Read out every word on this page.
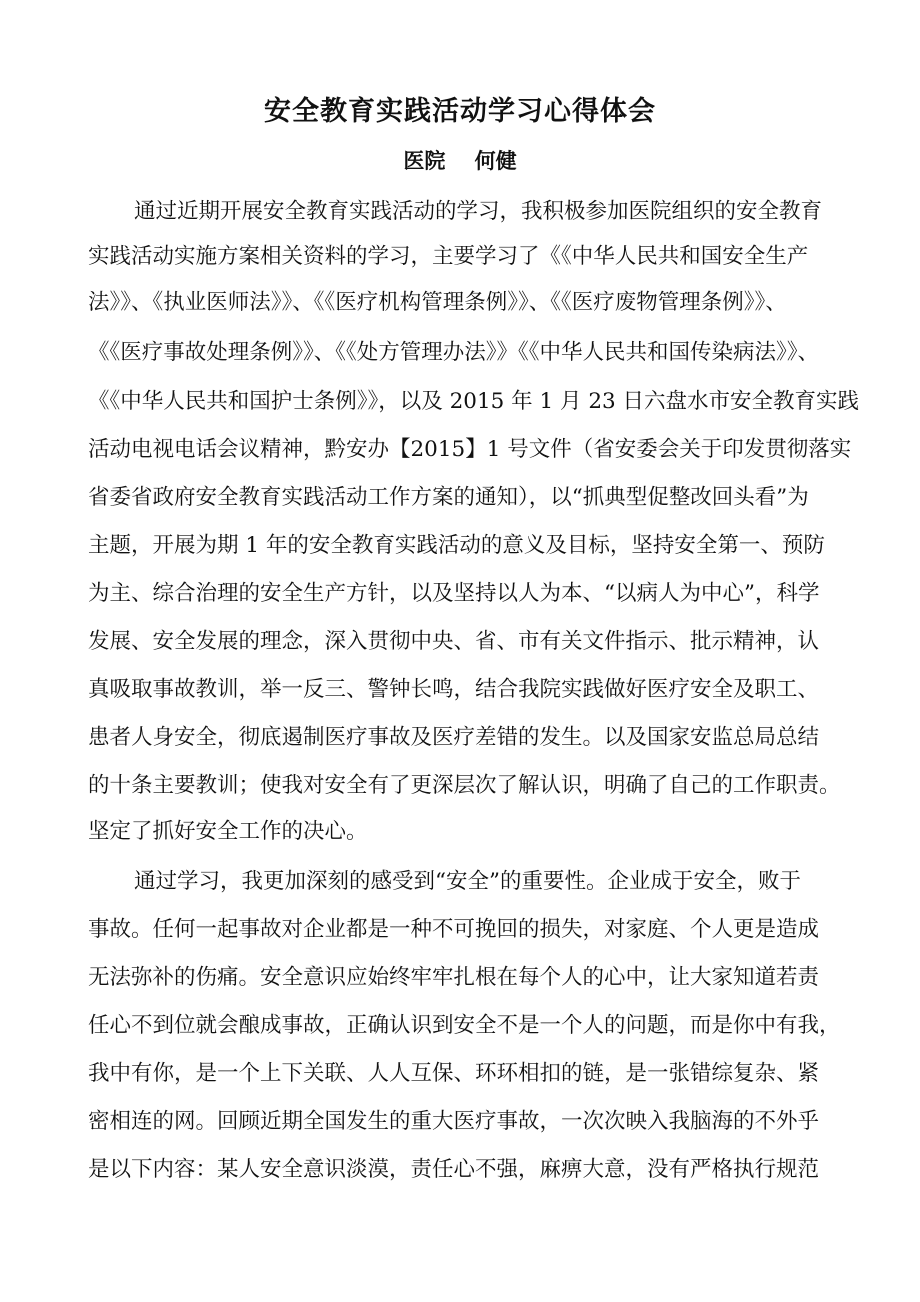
安全教育实践活动学习心得体会
医院    何健
通过近期开展安全教育实践活动的学习，我积极参加医院组织的安全教育
实践活动实施方案相关资料的学习，主要学习了《《中华人民共和国安全生产
法》》、《执业医师法》》、《《医疗机构管理条例》》、《《医疗废物管理条例》》、
《《医疗事故处理条例》》、《《处方管理办法》》《《中华人民共和国传染病法》》、
《《中华人民共和国护士条例》》，以及 2015 年 1 月 23 日六盘水市安全教育实践
活动电视电话会议精神，黔安办【2015】1 号文件（省安委会关于印发贯彻落实
省委省政府安全教育实践活动工作方案的通知），以“抓典型促整改回头看”为
主题，开展为期 1 年的安全教育实践活动的意义及目标，坚持安全第一、预防
为主、综合治理的安全生产方针，以及坚持以人为本、“以病人为中心”，科学
发展、安全发展的理念，深入贯彻中央、省、市有关文件指示、批示精神，认
真吸取事故教训，举一反三、警钟长鸣，结合我院实践做好医疗安全及职工、
患者人身安全，彻底遏制医疗事故及医疗差错的发生。以及国家安监总局总结
的十条主要教训；使我对安全有了更深层次了解认识，明确了自己的工作职责。
坚定了抓好安全工作的决心。
通过学习，我更加深刻的感受到“安全”的重要性。企业成于安全，败于
事故。任何一起事故对企业都是一种不可挽回的损失，对家庭、个人更是造成
无法弥补的伤痛。安全意识应始终牢牢扎根在每个人的心中，让大家知道若责
任心不到位就会酿成事故，正确认识到安全不是一个人的问题，而是你中有我，
我中有你，是一个上下关联、人人互保、环环相扣的链，是一张错综复杂、紧
密相连的网。回顾近期全国发生的重大医疗事故，一次次映入我脑海的不外乎
是以下内容：某人安全意识淡漠，责任心不强，麻痹大意，没有严格执行规范
